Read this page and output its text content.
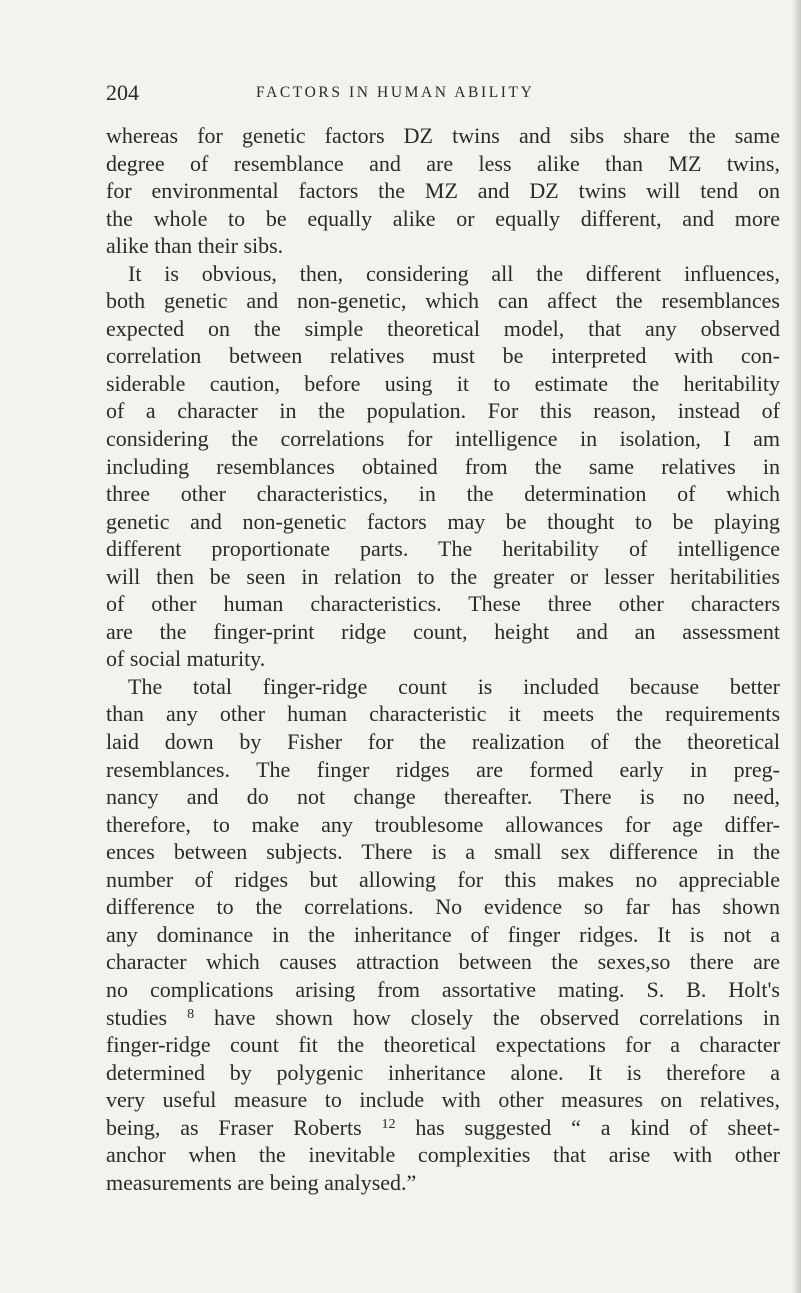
204	FACTORS IN HUMAN ABILITY
whereas for genetic factors DZ twins and sibs share the same
degree of resemblance and are less alike than MZ twins,
for environmental factors the MZ and DZ twins will tend on
the whole to be equally alike or equally different, and more
alike than their sibs.
It is obvious, then, considering all the different influences,
both genetic and non-genetic, which can affect the resemblances
expected on the simple theoretical model, that any observed
correlation between relatives must be interpreted with con-
siderable caution, before using it to estimate the heritability
of a character in the population. For this reason, instead of
considering the correlations for intelligence in isolation, I am
including resemblances obtained from the same relatives in
three other characteristics, in the determination of which
genetic and non-genetic factors may be thought to be playing
different proportionate parts. The heritability of intelligence
will then be seen in relation to the greater or lesser heritabilities
of other human characteristics. These three other characters
are the finger-print ridge count, height and an assessment
of social maturity.
The total finger-ridge count is included because better
than any other human characteristic it meets the requirements
laid down by Fisher for the realization of the theoretical
resemblances. The finger ridges are formed early in preg-
nancy and do not change thereafter. There is no need,
therefore, to make any troublesome allowances for age differ-
ences between subjects. There is a small sex difference in the
number of ridges but allowing for this makes no appreciable
difference to the correlations. No evidence so far has shown
any dominance in the inheritance of finger ridges. It is not a
character which causes attraction between the sexes,so there are
no complications arising from assortative mating. S. B. Holt's
studies $^8$ have shown how closely the observed correlations in
finger-ridge count fit the theoretical expectations for a character
determined by polygenic inheritance alone. It is therefore a
very useful measure to include with other measures on relatives,
being, as Fraser Roberts $^{12}$ has suggested “ a kind of sheet-
anchor when the inevitable complexities that arise with other
measurements are being analysed.”
